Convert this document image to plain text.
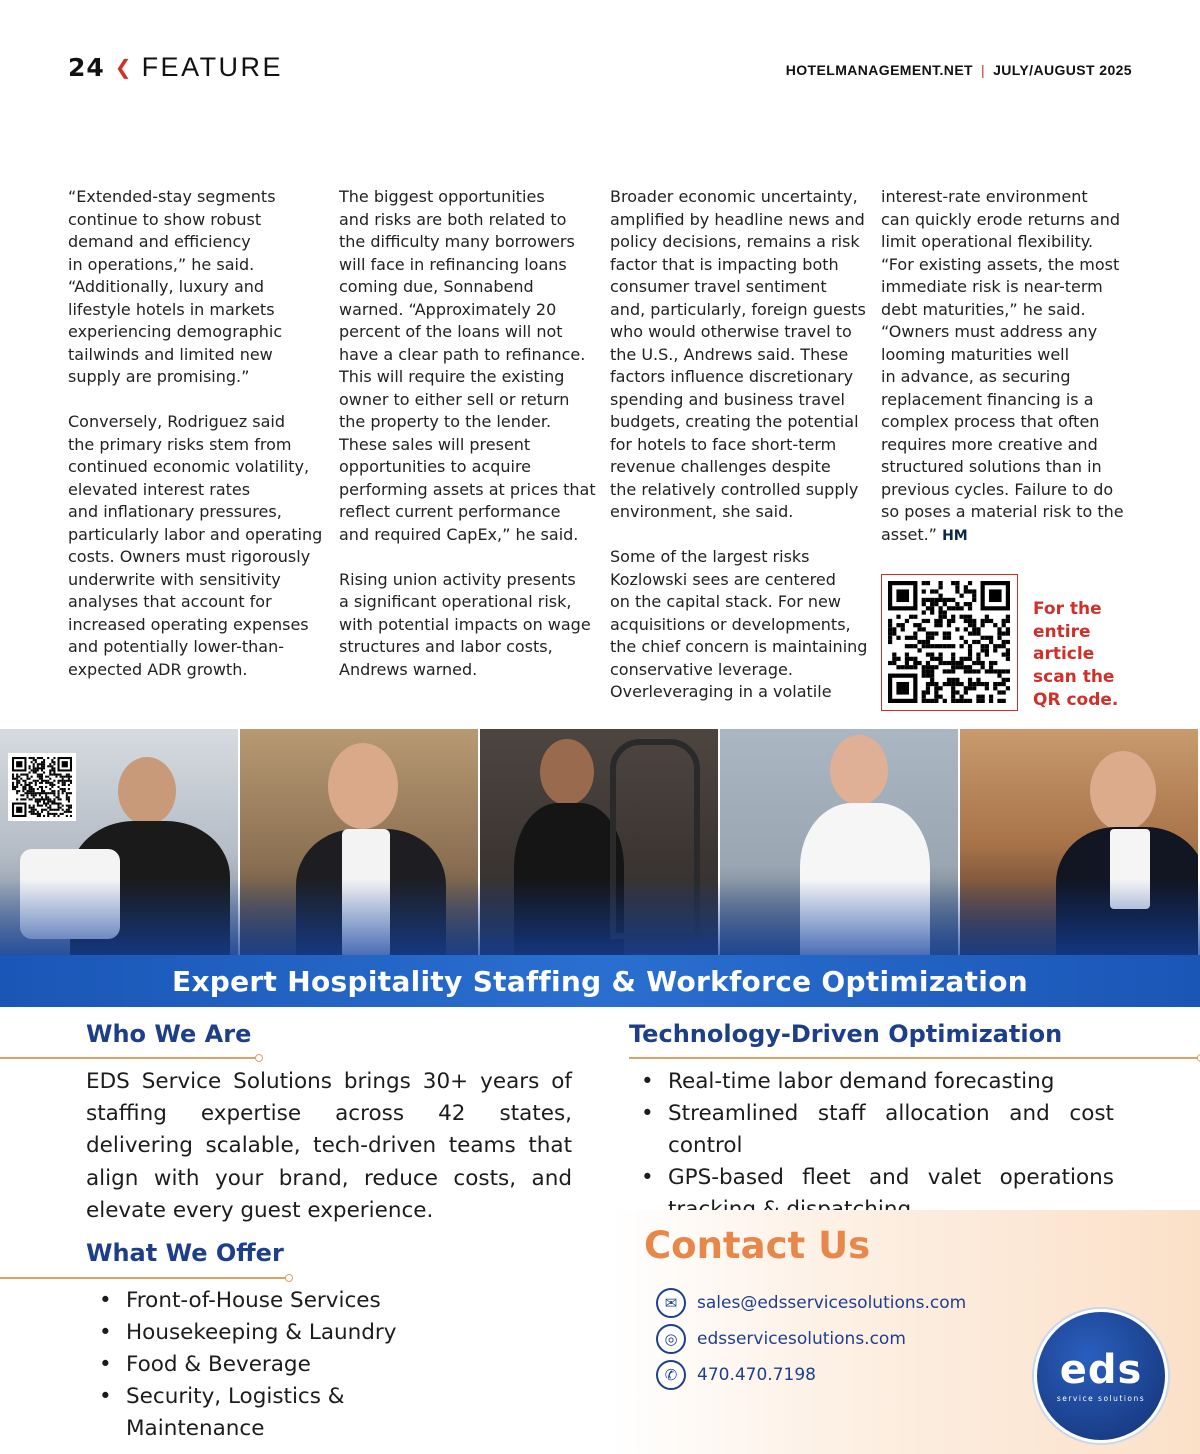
24 ❮ FEATURE	HOTELMANAGEMENT.NET | JULY/AUGUST 2025

“Extended-stay segments
continue to show robust
demand and efficiency
in operations,” he said.
“Additionally, luxury and
lifestyle hotels in markets
experiencing demographic
tailwinds and limited new
supply are promising.”

Conversely, Rodriguez said
the primary risks stem from
continued economic volatility,
elevated interest rates
and inflationary pressures,
particularly labor and operating
costs. Owners must rigorously
underwrite with sensitivity
analyses that account for
increased operating expenses
and potentially lower-than-
expected ADR growth.

The biggest opportunities
and risks are both related to
the difficulty many borrowers
will face in refinancing loans
coming due, Sonnabend
warned. “Approximately 20
percent of the loans will not
have a clear path to refinance.
This will require the existing
owner to either sell or return
the property to the lender.
These sales will present
opportunities to acquire
performing assets at prices that
reflect current performance
and required CapEx,” he said.

Rising union activity presents
a significant operational risk,
with potential impacts on wage
structures and labor costs,
Andrews warned.

Broader economic uncertainty,
amplified by headline news and
policy decisions, remains a risk
factor that is impacting both
consumer travel sentiment
and, particularly, foreign guests
who would otherwise travel to
the U.S., Andrews said. These
factors influence discretionary
spending and business travel
budgets, creating the potential
for hotels to face short-term
revenue challenges despite
the relatively controlled supply
environment, she said.

Some of the largest risks
Kozlowski sees are centered
on the capital stack. For new
acquisitions or developments,
the chief concern is maintaining
conservative leverage.
Overleveraging in a volatile

interest-rate environment
can quickly erode returns and
limit operational flexibility.
“For existing assets, the most
immediate risk is near-term
debt maturities,” he said.
“Owners must address any
looming maturities well
in advance, as securing
replacement financing is a
complex process that often
requires more creative and
structured solutions than in
previous cycles. Failure to do
so poses a material risk to the
asset.” HM

For the
entire
article
scan the
QR code.
Expert Hospitality Staffing & Workforce Optimization
Who We Are
EDS Service Solutions brings 30+ years of staffing expertise across 42 states, delivering scalable, tech-driven teams that align with your brand, reduce costs, and elevate every guest experience.
What We Offer
• Front-of-House Services
• Housekeeping & Laundry
• Food & Beverage
• Security, Logistics & Maintenance
Technology-Driven Optimization
• Real-time labor demand forecasting
• Streamlined staff allocation and cost control
• GPS-based fleet and valet operations
Contact Us
✉	sales@edsservicesolutions.com
◎	edsservicesolutions.com
✆	470.470.7198	eds
service solutions
